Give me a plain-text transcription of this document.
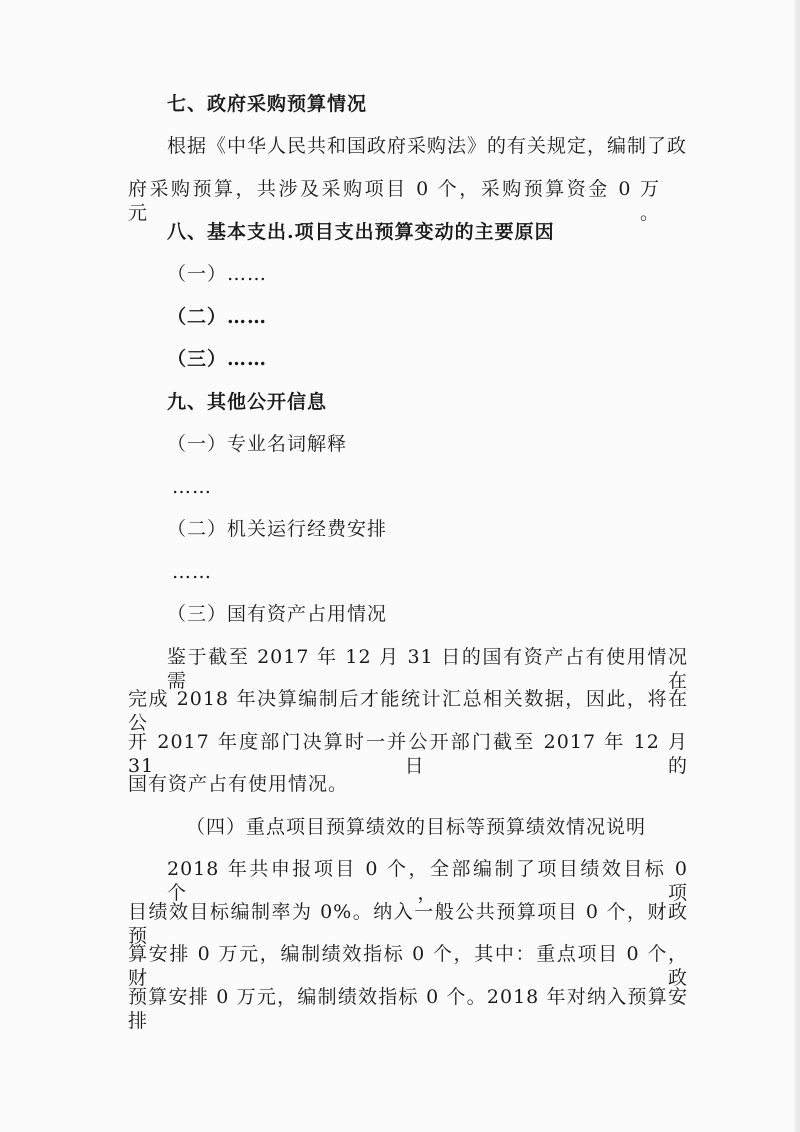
七、政府采购预算情况
根据《中华人民共和国政府采购法》的有关规定，编制了政
府采购预算，共涉及采购项目 0 个，采购预算资金 0 万元。
八、基本支出.项目支出预算变动的主要原因
（一）……
（二）……
（三）……
九、其他公开信息
（一）专业名词解释
……
（二）机关运行经费安排
……
（三）国有资产占用情况
鉴于截至 2017 年 12 月 31 日的国有资产占有使用情况需在
完成 2018 年决算编制后才能统计汇总相关数据，因此，将在公
开 2017 年度部门决算时一并公开部门截至 2017 年 12 月 31 日的
国有资产占有使用情况。
（四）重点项目预算绩效的目标等预算绩效情况说明
2018 年共申报项目 0 个，全部编制了项目绩效目标 0 个，项
目绩效目标编制率为 0%。纳入一般公共预算项目 0 个，财政预
算安排 0 万元，编制绩效指标 0 个，其中：重点项目 0 个，财政
预算安排 0 万元，编制绩效指标 0 个。2018 年对纳入预算安排
